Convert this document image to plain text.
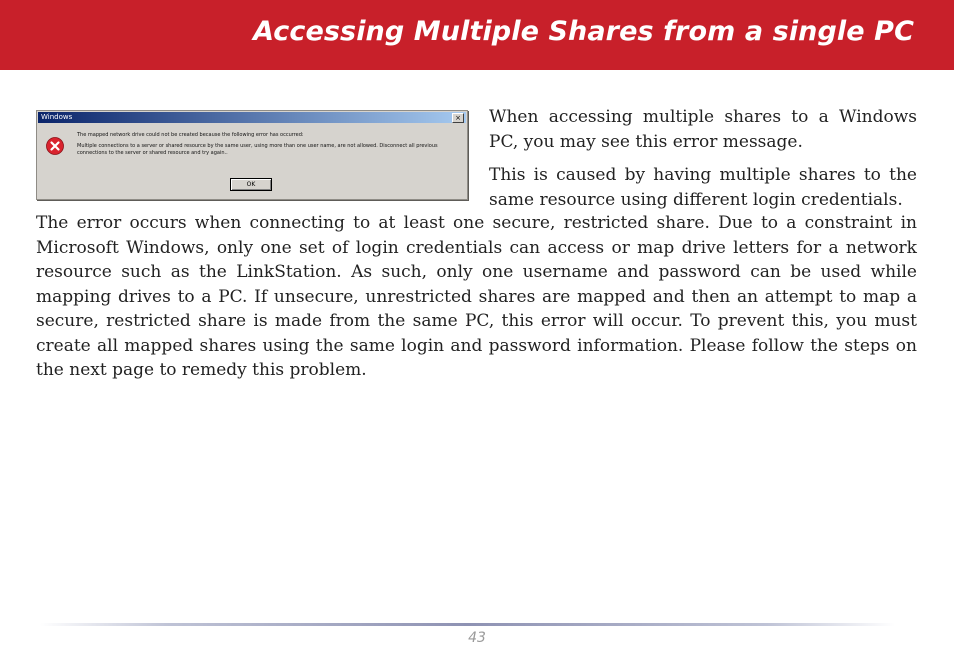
Accessing Multiple Shares from a single PC
Windows	×

The mapped network drive could not be created because the following error has occurred:

Multiple connections to a server or shared resource by the same user, using more than one user name, are not allowed. Disconnect all previous connections to the server or shared resource and try again..

OK

When accessing multiple shares to a Windows PC, you may see this error message.

This is caused by having multiple shares to the same resource using different login credentials.

The error occurs when connecting to at least one secure, restricted share. Due to a constraint in Microsoft Windows, only one set of login credentials can access or map drive letters for a network resource such as the LinkStation. As such, only one username and password can be used while mapping drives to a PC. If unsecure, unrestricted shares are mapped and then an attempt to map a secure, restricted share is made from the same PC, this error will occur. To prevent this, you must create all mapped shares using the same login and password information. Please follow the steps on the next page to remedy this problem.

43
